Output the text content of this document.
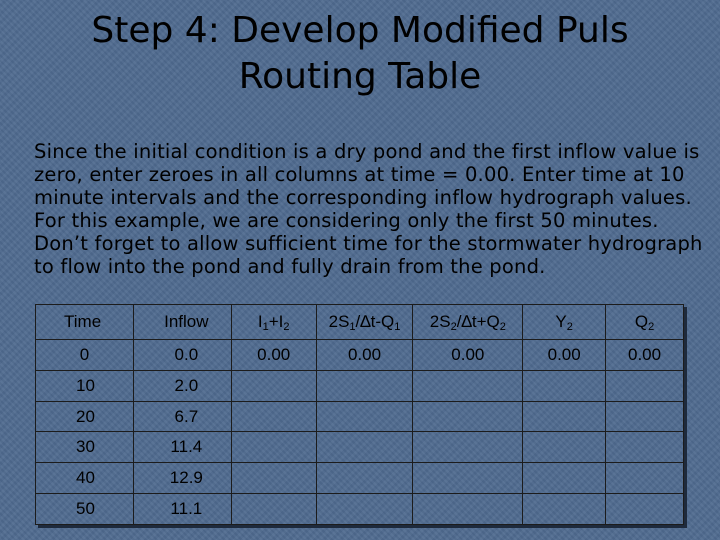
Step 4: Develop Modified Puls
Routing Table
Since the initial condition is a dry pond and the first inflow value is zero, enter zeroes in all columns at time = 0.00. Enter time at 10 minute intervals and the corresponding inflow hydrograph values. For this example, we are considering only the first 50 minutes. Don’t forget to allow sufficient time for the stormwater hydrograph to flow into the pond and fully drain from the pond.
Time	Inflow	$I_1+I_2$	$2S_1/\Delta t-Q_1$	$2S_2/\Delta t+Q_2$	$Y_2$	$Q_2$
0	0.0	0.00	0.00	0.00	0.00	0.00
10	2.0					
20	6.7					
30	11.4					
40	12.9					
50	11.1					
